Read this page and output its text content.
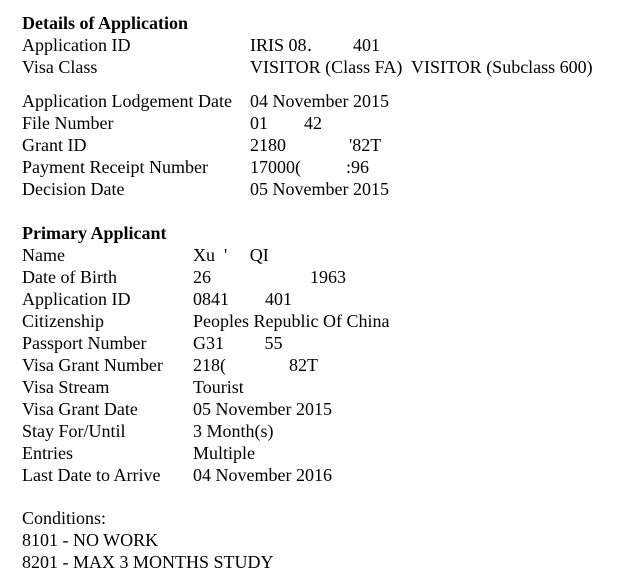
Details of Application
Application ID	IRIS 08․         401
Visa Class	VISITOR (Class FA)  VISITOR (Subclass 600)
Application Lodgement Date 04 November 2015
File Number	01        42
Grant ID	2180              '82T
Payment Receipt Number 17000(          :96
Decision Date	05 November 2015
Primary Applicant
Name	Xu  '     QI
Date of Birth	26                      1963
Application ID	0841        401
Citizenship	Peoples Republic Of China
Passport Number	G31         55
Visa Grant Number 218(              82T
Visa Stream	Tourist
Visa Grant Date	05 November 2015
Stay For/Until	3 Month(s)
Entries	Multiple
Last Date to Arrive 04 November 2016
Conditions:
8101 - NO WORK
8201 - MAX 3 MONTHS STUDY
